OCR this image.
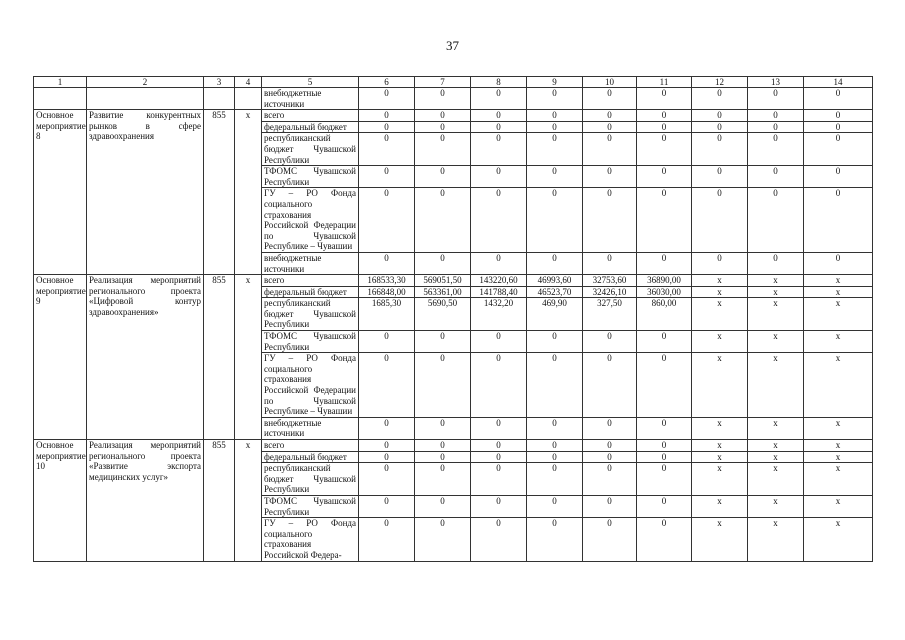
37
1	2	3	4	5	6	7	8	9	10	11	12	13	14
				внебюджетные источники	0	0	0	0	0	0	0	0	0
Основное мероприятие 8	Развитие конкурентных рынков в сфере здравоохранения	855	x	всего	0	0	0	0	0	0	0	0	0
				федеральный бюджет	0	0	0	0	0	0	0	0	0
				республиканский бюджет Чувашской Республики	0	0	0	0	0	0	0	0	0
				ТФОМС Чувашской Республики	0	0	0	0	0	0	0	0	0
				ГУ – РО Фонда социального страхования Российской Федерации по Чувашской Республике – Чувашии	0	0	0	0	0	0	0	0	0
				внебюджетные источники	0	0	0	0	0	0	0	0	0
Основное мероприятие 9	Реализация мероприятий регионального проекта «Цифровой контур здравоохранения»	855	x	всего	168533,30	569051,50	143220,60	46993,60	32753,60	36890,00	x	x	x
				федеральный бюджет	166848,00	563361,00	141788,40	46523,70	32426,10	36030,00	x	x	x
				республиканский бюджет Чувашской Республики	1685,30	5690,50	1432,20	469,90	327,50	860,00	x	x	x
				ТФОМС Чувашской Республики	0	0	0	0	0	0	x	x	x
				ГУ – РО Фонда социального страхования Российской Федерации по Чувашской Республике – Чувашии	0	0	0	0	0	0	x	x	x
				внебюджетные источники	0	0	0	0	0	0	x	x	x
Основное мероприятие 10	Реализация мероприятий регионального проекта «Развитие экспорта медицинских услуг»	855	x	всего	0	0	0	0	0	0	x	x	x
				федеральный бюджет	0	0	0	0	0	0	x	x	x
				республиканский бюджет Чувашской Республики	0	0	0	0	0	0	x	x	x
				ТФОМС Чувашской Республики	0	0	0	0	0	0	x	x	x
				ГУ – РО Фонда социального страхования Российской Федера-	0	0	0	0	0	0	x	x	x
